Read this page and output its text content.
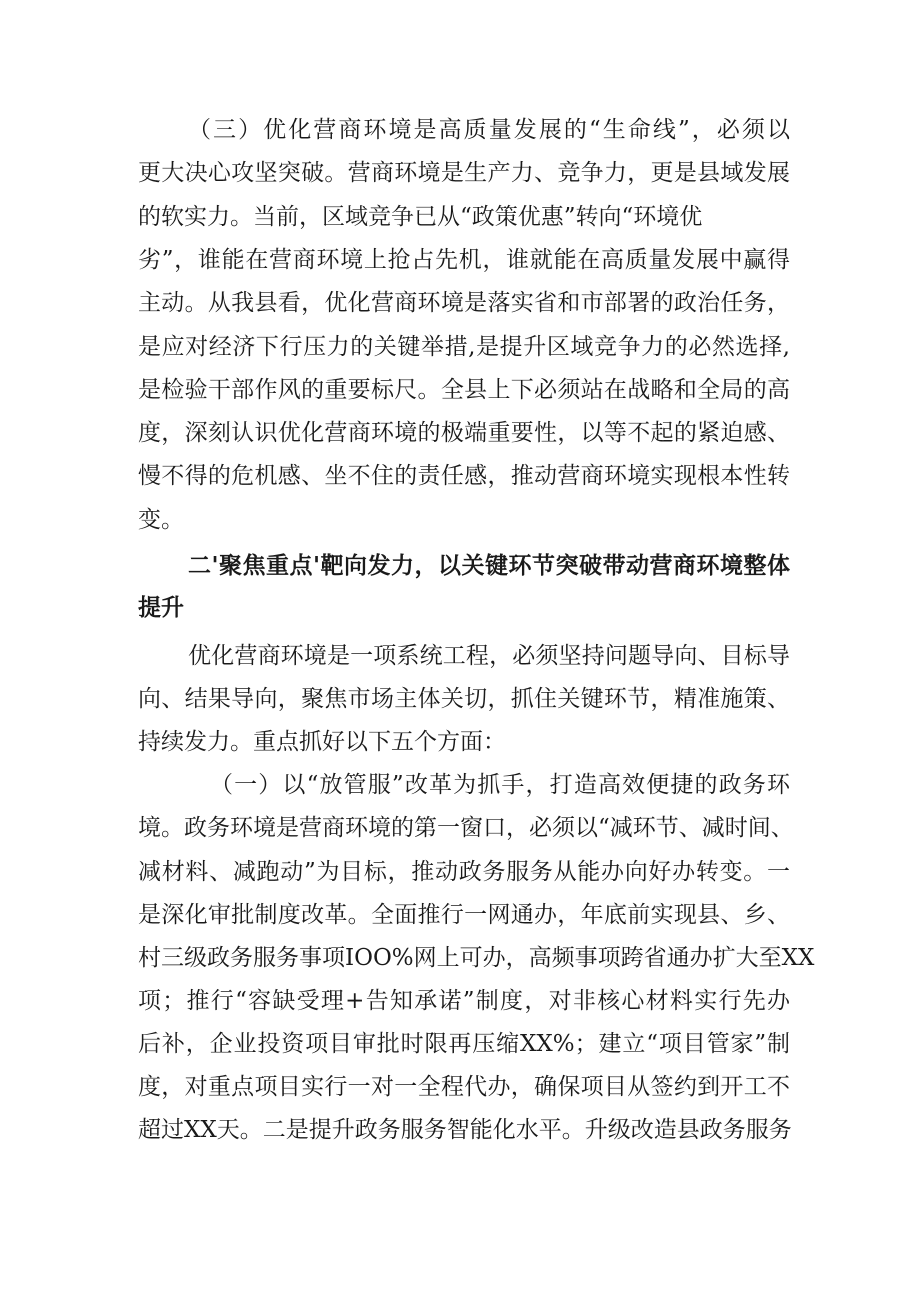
（三）优化营商环境是高质量发展的“生命线”，必须以
更大决心攻坚突破。营商环境是生产力、竞争力，更是县域发展
的软实力。当前，区域竞争已从“政策优惠”转向“环境优
劣”，谁能在营商环境上抢占先机，谁就能在高质量发展中赢得
主动。从我县看，优化营商环境是落实省和市部署的政治任务，
是应对经济下行压力的关键举措,是提升区域竞争力的必然选择,
是检验干部作风的重要标尺。全县上下必须站在战略和全局的高
度，深刻认识优化营商环境的极端重要性，以等不起的紧迫感、
慢不得的危机感、坐不住的责任感，推动营商环境实现根本性转
变。
二'聚焦重点'靶向发力，以关键环节突破带动营商环境整体
提升
优化营商环境是一项系统工程，必须坚持问题导向、目标导
向、结果导向，聚焦市场主体关切，抓住关键环节，精准施策、
持续发力。重点抓好以下五个方面：
（一）以“放管服”改革为抓手，打造高效便捷的政务环
境。政务环境是营商环境的第一窗口，必须以“减环节、减时间、
减材料、减跑动”为目标，推动政务服务从能办向好办转变。一
是深化审批制度改革。全面推行一网通办，年底前实现县、乡、
村三级政务服务事项IOO%网上可办，高频事项跨省通办扩大至XX
项；推行“容缺受理+告知承诺”制度，对非核心材料实行先办
后补，企业投资项目审批时限再压缩XX%；建立“项目管家”制
度，对重点项目实行一对一全程代办，确保项目从签约到开工不
超过XX天。二是提升政务服务智能化水平。升级改造县政务服务
